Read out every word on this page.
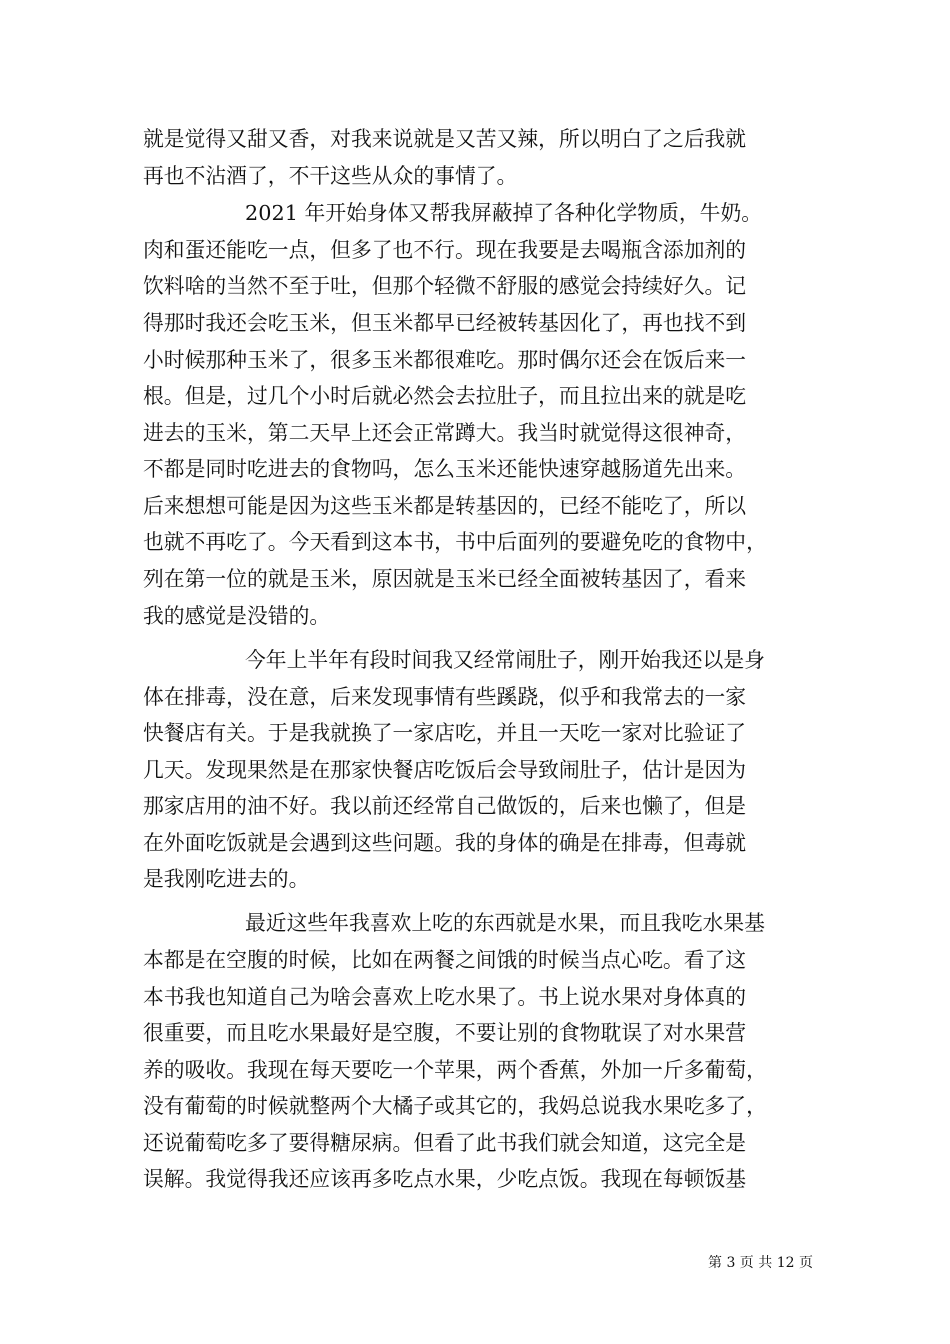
就是觉得又甜又香，对我来说就是又苦又辣，所以明白了之后我就
再也不沾酒了，不干这些从众的事情了。
2021 年开始身体又帮我屏蔽掉了各种化学物质，牛奶。
肉和蛋还能吃一点，但多了也不行。现在我要是去喝瓶含添加剂的
饮料啥的当然不至于吐，但那个轻微不舒服的感觉会持续好久。记
得那时我还会吃玉米，但玉米都早已经被转基因化了，再也找不到
小时候那种玉米了，很多玉米都很难吃。那时偶尔还会在饭后来一
根。但是，过几个小时后就必然会去拉肚子，而且拉出来的就是吃
进去的玉米，第二天早上还会正常蹲大。我当时就觉得这很神奇，
不都是同时吃进去的食物吗，怎么玉米还能快速穿越肠道先出来。
后来想想可能是因为这些玉米都是转基因的，已经不能吃了，所以
也就不再吃了。今天看到这本书，书中后面列的要避免吃的食物中，
列在第一位的就是玉米，原因就是玉米已经全面被转基因了，看来
我的感觉是没错的。
今年上半年有段时间我又经常闹肚子，刚开始我还以是身
体在排毒，没在意，后来发现事情有些蹊跷，似乎和我常去的一家
快餐店有关。于是我就换了一家店吃，并且一天吃一家对比验证了
几天。发现果然是在那家快餐店吃饭后会导致闹肚子，估计是因为
那家店用的油不好。我以前还经常自己做饭的，后来也懒了，但是
在外面吃饭就是会遇到这些问题。我的身体的确是在排毒，但毒就
是我刚吃进去的。
最近这些年我喜欢上吃的东西就是水果，而且我吃水果基
本都是在空腹的时候，比如在两餐之间饿的时候当点心吃。看了这
本书我也知道自己为啥会喜欢上吃水果了。书上说水果对身体真的
很重要，而且吃水果最好是空腹，不要让别的食物耽误了对水果营
养的吸收。我现在每天要吃一个苹果，两个香蕉，外加一斤多葡萄，
没有葡萄的时候就整两个大橘子或其它的，我妈总说我水果吃多了，
还说葡萄吃多了要得糖尿病。但看了此书我们就会知道，这完全是
误解。我觉得我还应该再多吃点水果，少吃点饭。我现在每顿饭基
第 3 页 共 12 页
